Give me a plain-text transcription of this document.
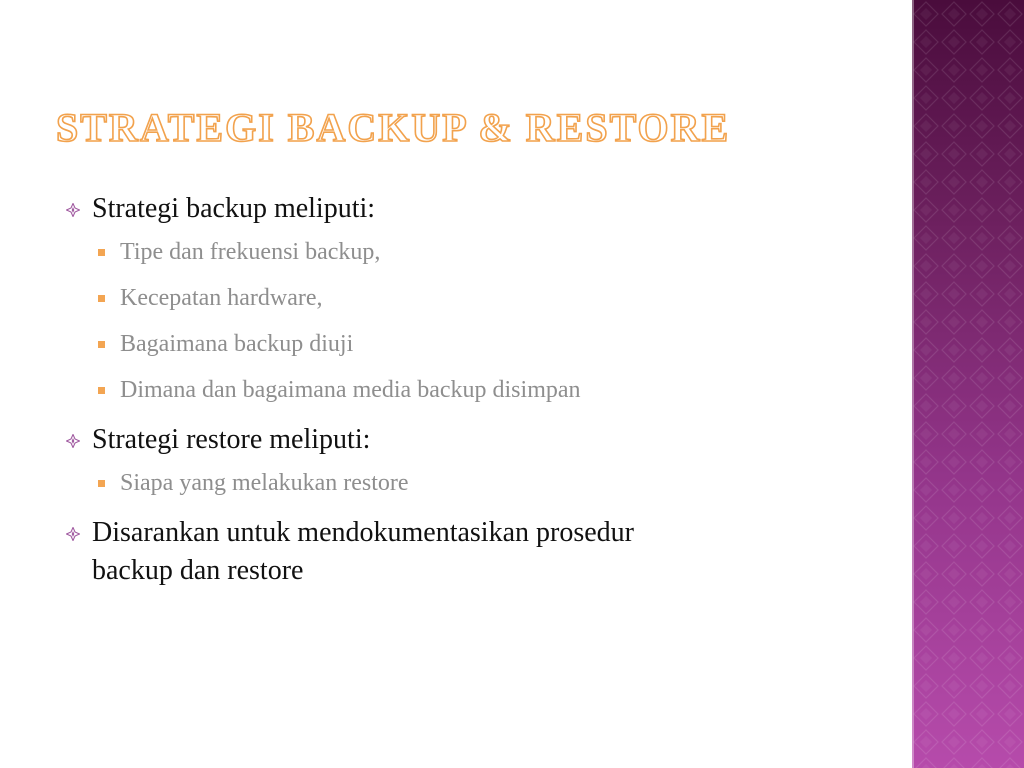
STRATEGI BACKUP & RESTORE

Strategi backup meliputi:

Tipe dan frekuensi backup,

Kecepatan hardware,

Bagaimana backup diuji

Dimana dan bagaimana media backup disimpan

Strategi restore meliputi:

Siapa yang melakukan restore

Disarankan untuk mendokumentasikan prosedur
backup dan restore
